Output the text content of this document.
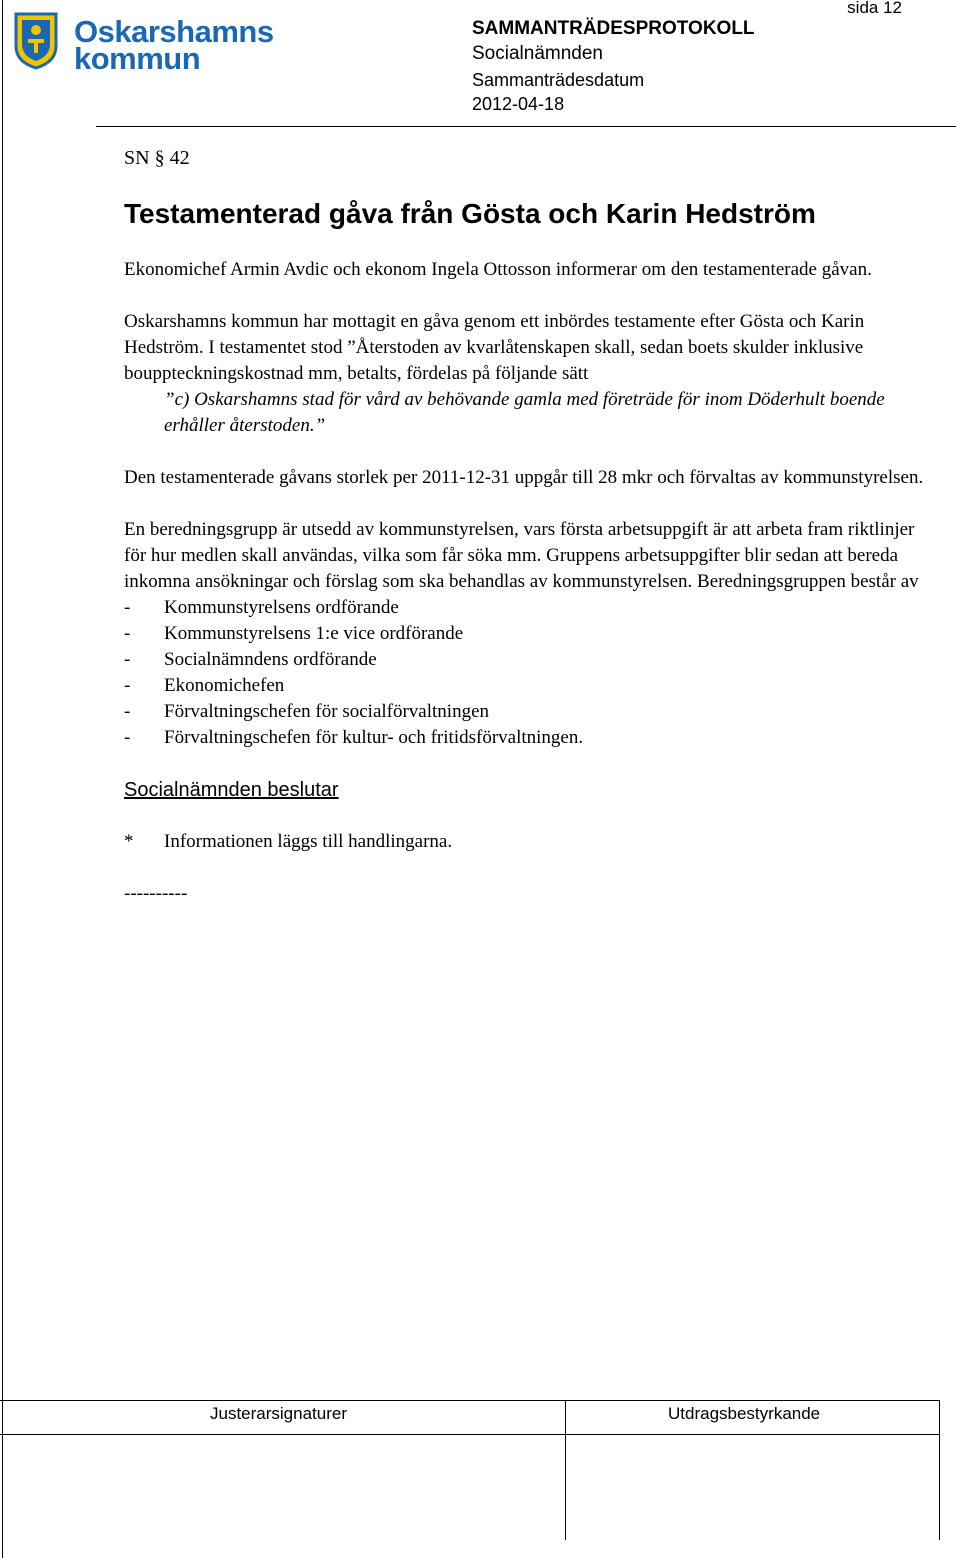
Oskarshamns
kommun
sida 12
SAMMANTRÄDESPROTOKOLL
Socialnämnden
Sammanträdesdatum
2012-04-18

SN § 42

Testamenterad gåva från Gösta och Karin Hedström

Ekonomichef Armin Avdic och ekonom Ingela Ottosson informerar om den testamenterade gåvan.

Oskarshamns kommun har mottagit en gåva genom ett inbördes testamente efter Gösta och Karin Hedström. I testamentet stod ”Återstoden av kvarlåtenskapen skall, sedan boets skulder inklusive bouppteckningskostnad mm, betalts, fördelas på följande sätt

”c) Oskarshamns stad för vård av behövande gamla med företräde för inom Döderhult boende erhåller återstoden.”

Den testamenterade gåvans storlek per 2011-12-31 uppgår till 28 mkr och förvaltas av kommunstyrelsen.

En beredningsgrupp är utsedd av kommunstyrelsen, vars första arbetsuppgift är att arbeta fram riktlinjer för hur medlen skall användas, vilka som får söka mm. Gruppens arbetsuppgifter blir sedan att bereda inkomna ansökningar och förslag som ska behandlas av kommunstyrelsen. Beredningsgruppen består av

- Kommunstyrelsens ordförande
- Kommunstyrelsens 1:e vice ordförande
- Socialnämndens ordförande
- Ekonomichefen
- Förvaltningschefen för socialförvaltningen
- Förvaltningschefen för kultur- och fritidsförvaltningen.
Socialnämnden beslutar

* Informationen läggs till handlingarna.

----------

Justerarsignaturer	Utdragsbestyrkande
